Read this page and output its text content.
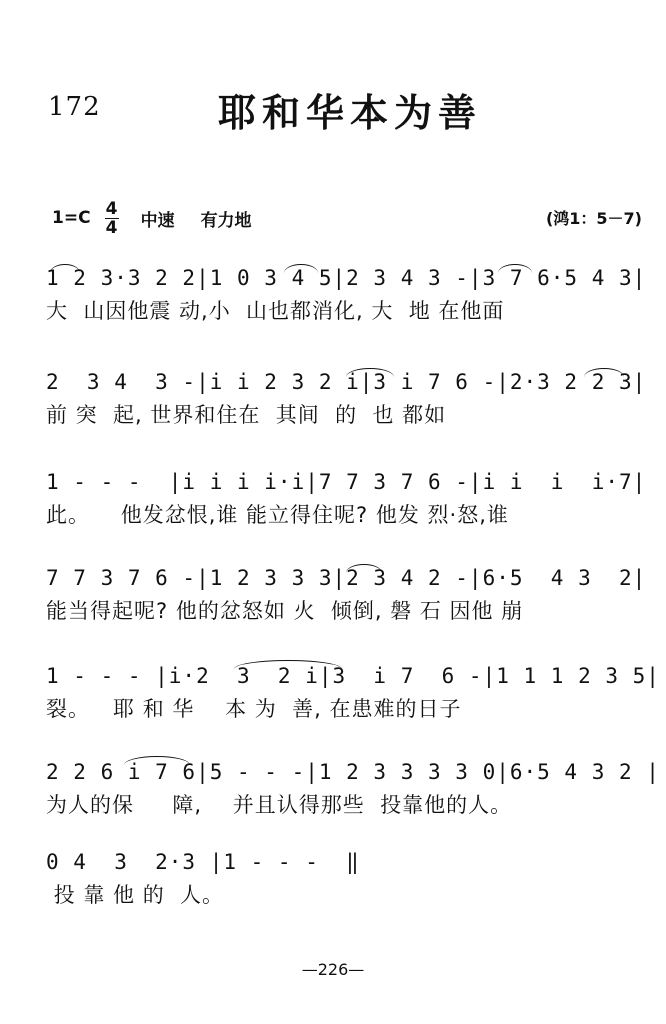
172	耶和华本为善
1=C 4
4 中速 有力地	(鸿1：5－7)
1 2 3·3 2 2|1 0 3 4 5|2 3 4 3 -|3 7 6·5 4 3|
大  山因他震 动,小  山也都消化, 大  地 在他面
2  3 4  3 -|i i 2 3 2 i|3 i 7 6 -|2·3 2 2 3|
前 突  起, 世界和住在  其间  的  也 都如
1 - - -  |i i i i·i|7 7 3 7 6 -|i i  i  i·7|
此。    他发忿恨,谁 能立得住呢? 他发 烈·怒,谁
7 7 3 7 6 -|1 2 3 3 3|2 3 4 2 -|6·5  4 3  2|
能当得起呢? 他的忿怒如 火  倾倒, 磐 石 因他 崩
1 - - - |i·2  3  2 i|3  i 7  6 -|1 1 1 2 3 5|
裂。   耶 和 华    本 为  善, 在患难的日子
2 2 6 i 7 6|5 - - -|1 2 3 3 3 3 0|6·5 4 3 2 |
为人的保     障,    并且认得那些  投靠他的人。
0 4  3  2·3 |1 - - -  ‖
投 靠 他 的  人。
—226—
